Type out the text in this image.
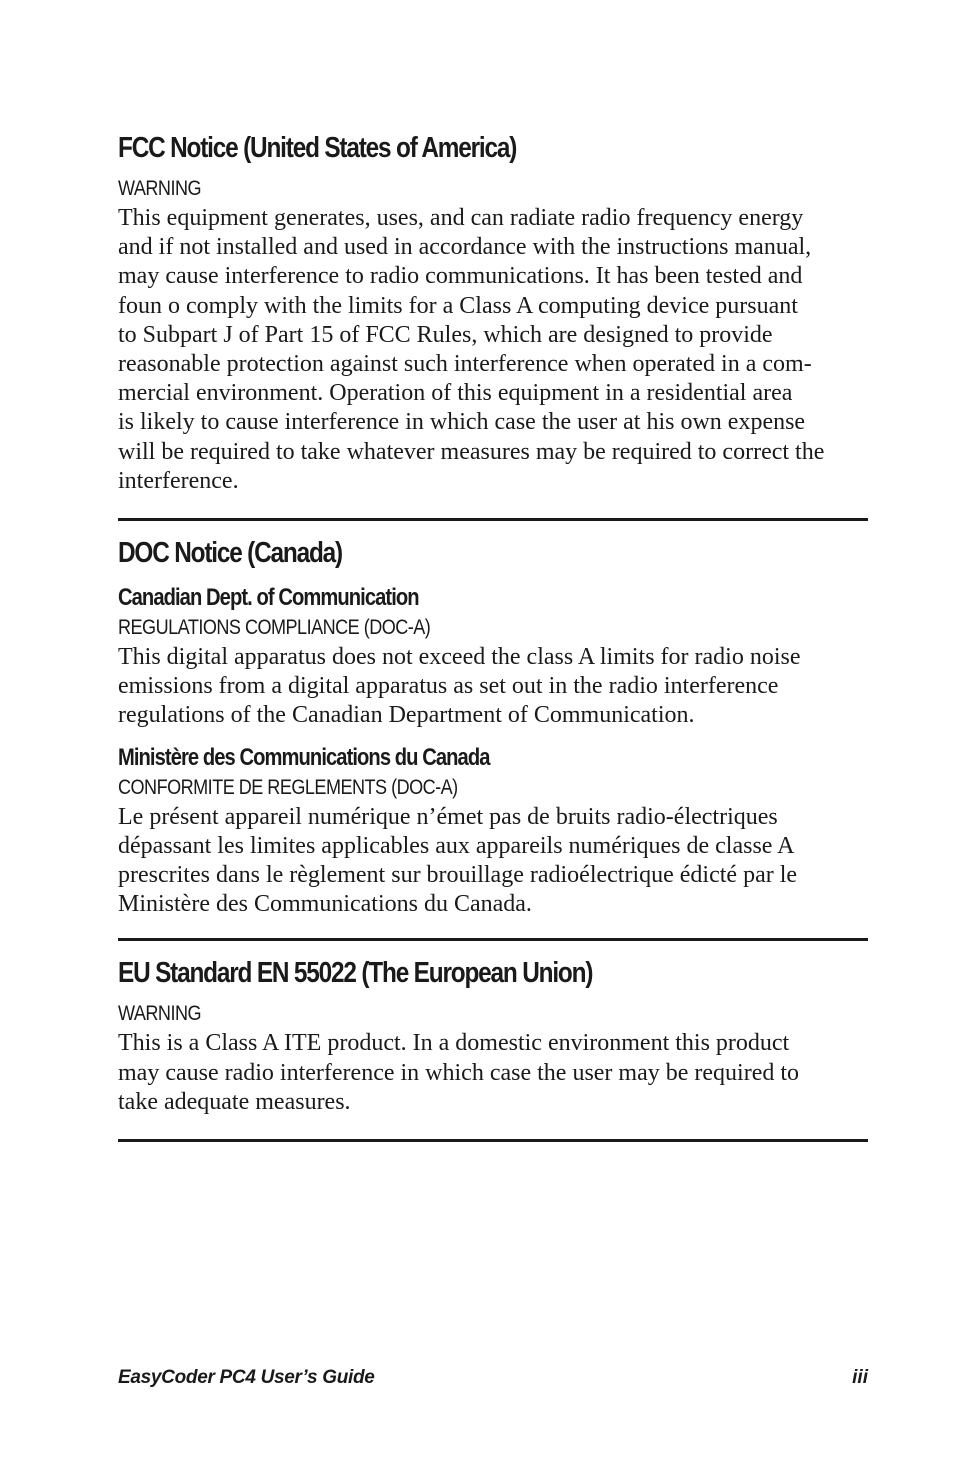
FCC Notice (United States of America)
WARNING
This equipment generates, uses, and can radiate radio frequency energy
and if not installed and used in accordance with the instructions manual,
may cause interference to radio communications. It has been tested and
foun o comply with the limits for a Class A computing device pursuant
to Subpart J of Part 15 of FCC Rules, which are designed to provide
reasonable protection against such interference when operated in a com-
mercial environment. Operation of this equipment in a residential area
is likely to cause interference in which case the user at his own expense
will be required to take whatever measures may be required to correct the
interference.
DOC Notice (Canada)
Canadian Dept. of Communication
REGULATIONS COMPLIANCE (DOC-A)
This digital apparatus does not exceed the class A limits for radio noise
emissions from a digital apparatus as set out in the radio interference
regulations of the Canadian Department of Communication.
Ministère des Communications du Canada
CONFORMITE DE REGLEMENTS (DOC-A)
Le présent appareil numérique n’émet pas de bruits radio-électriques
dépassant les limites applicables aux appareils numériques de classe A
prescrites dans le règlement sur brouillage radioélectrique édicté par le
Ministère des Communications du Canada.
EU Standard EN 55022 (The European Union)
WARNING
This is a Class A ITE product. In a domestic environment this product
may cause radio interference in which case the user may be required to
take adequate measures.
EasyCoder PC4 User’s Guide	iii
